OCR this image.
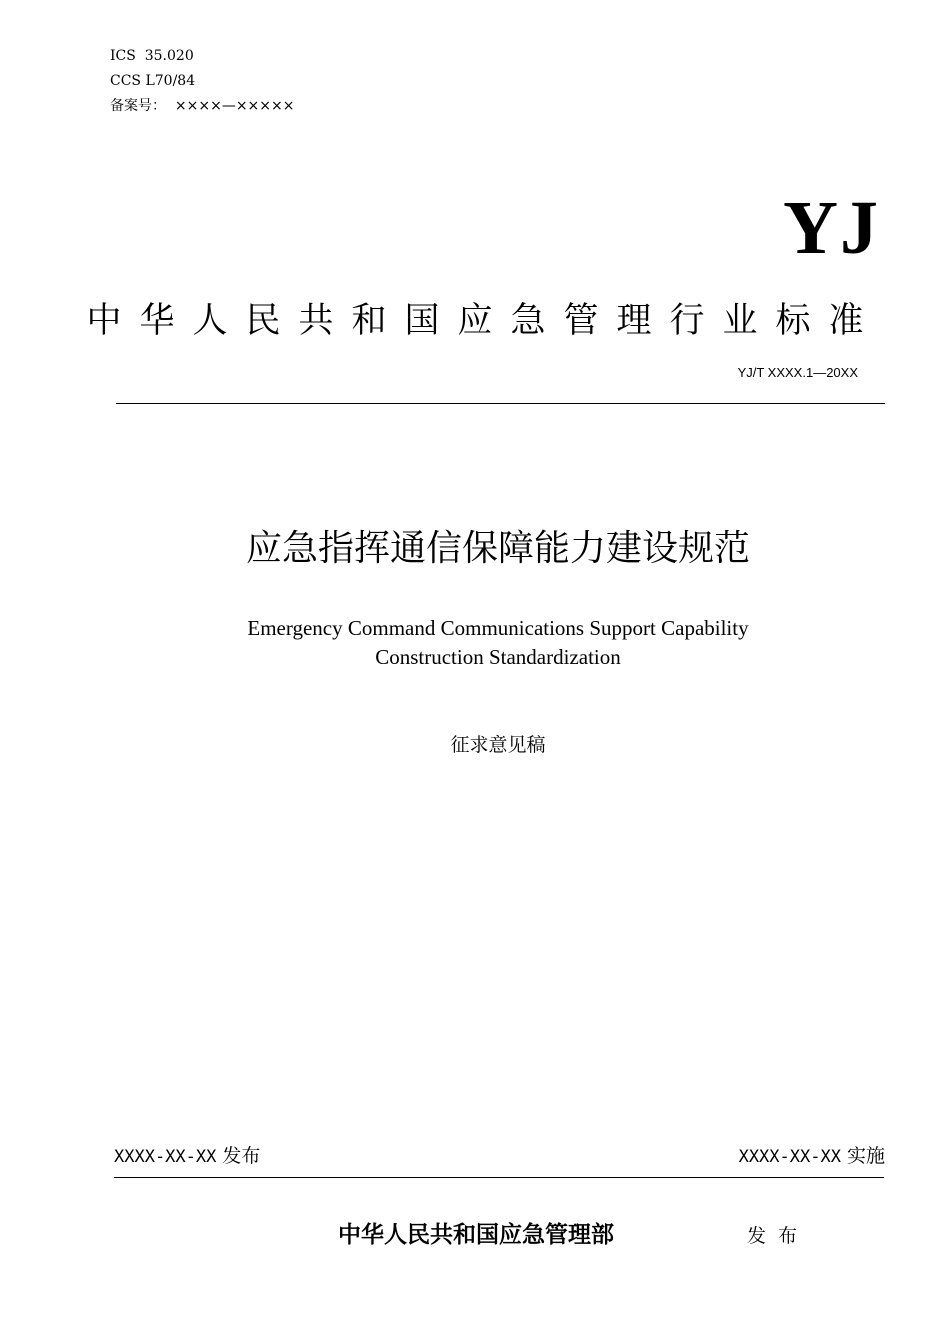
ICS  35.020
CCS L70/84
备案号：  ××××—×××××
YJ
中华人民共和国应急管理行业标准
YJ/T XXXX.1—20XX
应急指挥通信保障能力建设规范
Emergency Command Communications Support Capability
Construction Standardization
征求意见稿
XXXX-XX-XX 发布	XXXX-XX-XX 实施
中华人民共和国应急管理部	发布
